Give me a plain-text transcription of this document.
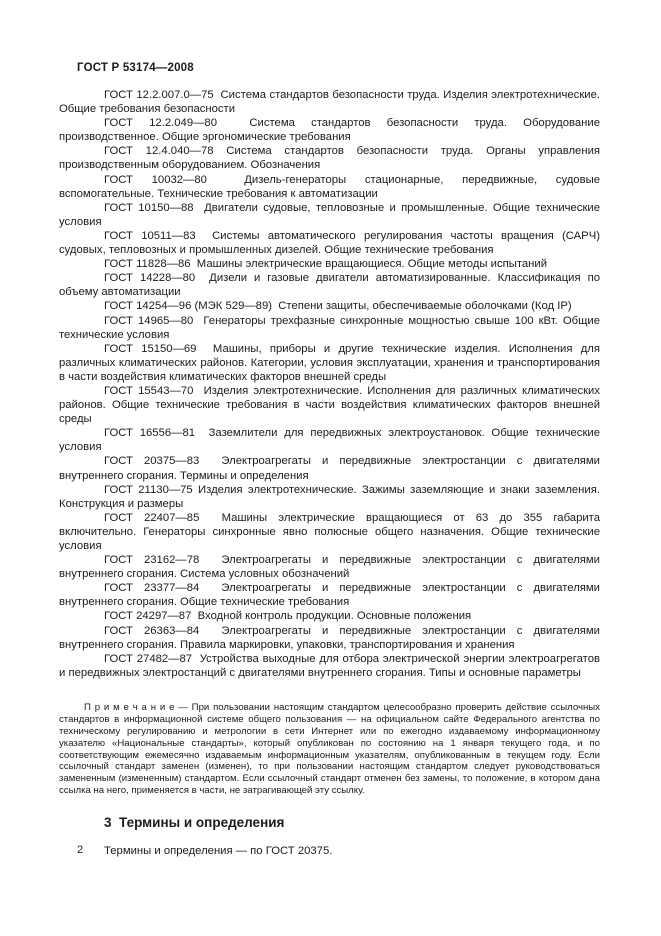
ГОСТ Р 53174—2008

ГОСТ 12.2.007.0—75  Система стандартов безопасности труда. Изделия электротехнические. Общие требования безопасности

ГОСТ 12.2.049—80  Система стандартов безопасности труда. Оборудование производственное. Общие эргономические требования

ГОСТ 12.4.040—78 Система стандартов безопасности труда. Органы управления производственным оборудованием. Обозначения

ГОСТ 10032—80  Дизель-генераторы стационарные, передвижные, судовые вспомогательные. Технические требования к автоматизации

ГОСТ 10150—88  Двигатели судовые, тепловозные и промышленные. Общие технические условия

ГОСТ 10511—83  Системы автоматического регулирования частоты вращения (САРЧ) судовых, тепловозных и промышленных дизелей. Общие технические требования

ГОСТ 11828—86  Машины электрические вращающиеся. Общие методы испытаний

ГОСТ 14228—80  Дизели и газовые двигатели автоматизированные. Классификация по объему автоматизации

ГОСТ 14254—96 (МЭК 529—89)  Степени защиты, обеспечиваемые оболочками (Код IP)

ГОСТ 14965—80  Генераторы трехфазные синхронные мощностью свыше 100 кВт. Общие технические условия

ГОСТ 15150—69  Машины, приборы и другие технические изделия. Исполнения для различных климатических районов. Категории, условия эксплуатации, хранения и транспортирования в части воздействия климатических факторов внешней среды

ГОСТ 15543—70  Изделия электротехнические. Исполнения для различных климатических районов. Общие технические требования в части воздействия климатических факторов внешней среды

ГОСТ 16556—81  Заземлители для передвижных электроустановок. Общие технические условия

ГОСТ 20375—83  Электроагрегаты и передвижные электростанции с двигателями внутреннего сгорания. Термины и определения

ГОСТ 21130—75 Изделия электротехнические. Зажимы заземляющие и знаки заземления. Конструкция и размеры

ГОСТ 22407—85  Машины электрические вращающиеся от 63 до 355 габарита включительно. Генераторы синхронные явно полюсные общего назначения. Общие технические условия

ГОСТ 23162—78  Электроагрегаты и передвижные электростанции с двигателями внутреннего сгорания. Система условных обозначений

ГОСТ 23377—84  Электроагрегаты и передвижные электростанции с двигателями внутреннего сгорания. Общие технические требования

ГОСТ 24297—87  Входной контроль продукции. Основные положения

ГОСТ 26363—84  Электроагрегаты и передвижные электростанции с двигателями внутреннего сгорания. Правила маркировки, упаковки, транспортирования и хранения

ГОСТ 27482—87  Устройства выходные для отбора электрической энергии электроагрегатов и передвижных электростанций с двигателями внутреннего сгорания. Типы и основные параметры

П р и м е ч а н и е — При пользовании настоящим стандартом целесообразно проверить действие ссылочных стандартов в информационной системе общего пользования — на официальном сайте Федерального агентства по техническому регулированию и метрологии в сети Интернет или по ежегодно издаваемому информационному указателю «Национальные стандарты», который опубликован по состоянию на 1 января текущего года, и по соответствующим ежемесячно издаваемым информационным указателям, опубликованным в текущем году. Если ссылочный стандарт заменен (изменен), то при пользовании настоящим стандартом следует руководствоваться замененным (измененным) стандартом. Если ссылочный стандарт отменен без замены, то положение, в котором дана ссылка на него, применяется в части, не затрагивающей эту ссылку.

3  Термины и определения

Термины и определения — по ГОСТ 20375.

2
